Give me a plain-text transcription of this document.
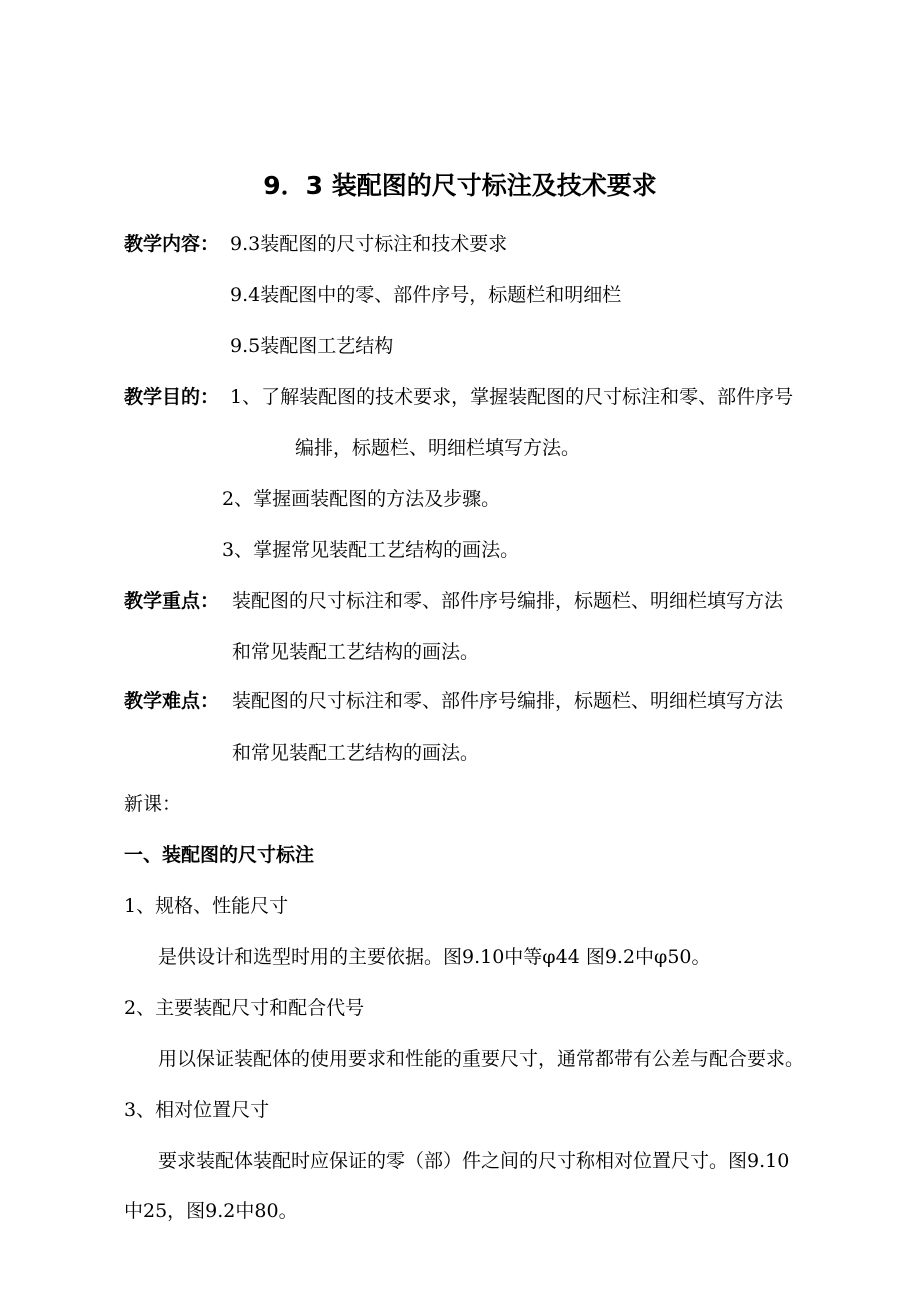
9．3 装配图的尺寸标注及技术要求
教学内容： 9.3装配图的尺寸标注和技术要求
9.4装配图中的零、部件序号，标题栏和明细栏
9.5装配图工艺结构
教学目的： 1、了解装配图的技术要求，掌握装配图的尺寸标注和零、部件序号
编排，标题栏、明细栏填写方法。
2、掌握画装配图的方法及步骤。
3、掌握常见装配工艺结构的画法。
教学重点： 装配图的尺寸标注和零、部件序号编排，标题栏、明细栏填写方法
和常见装配工艺结构的画法。
教学难点： 装配图的尺寸标注和零、部件序号编排，标题栏、明细栏填写方法
和常见装配工艺结构的画法。
新课：
一、装配图的尺寸标注
1、规格、性能尺寸
是供设计和选型时用的主要依据。图9.10中等φ44 图9.2中φ50。
2、主要装配尺寸和配合代号
用以保证装配体的使用要求和性能的重要尺寸，通常都带有公差与配合要求。
3、相对位置尺寸
要求装配体装配时应保证的零（部）件之间的尺寸称相对位置尺寸。图9.10
中25，图9.2中80。
